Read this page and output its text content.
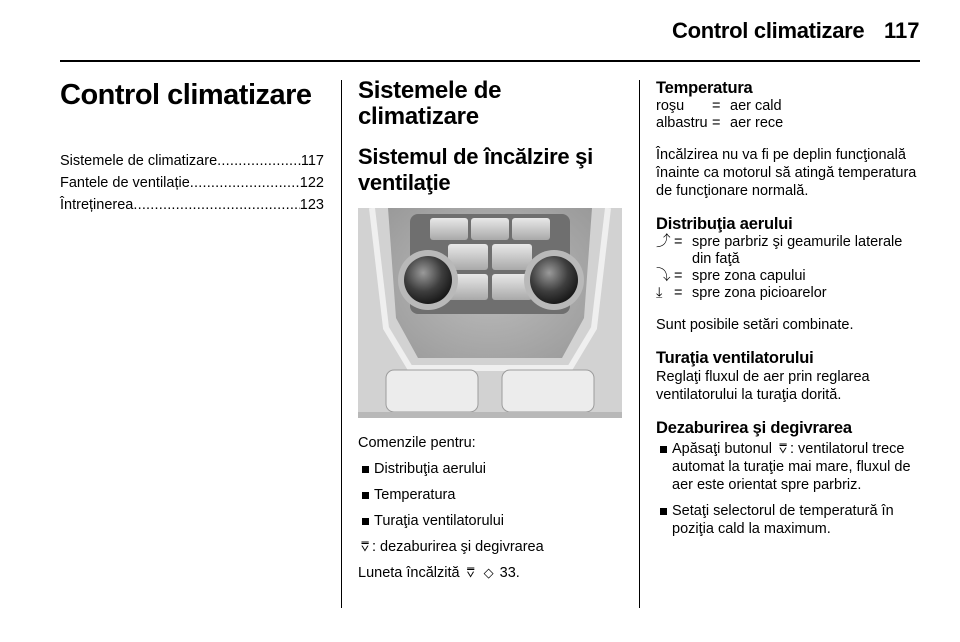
Control climatizare 117
Control climatizare
Sistemele de climatizare .....	117
Fantele de ventilație .....	122
Întreținerea .....	123
Sistemele de
climatizare
Sistemul de încălzire şi
ventilaţie

Comenzile pentru:

Distribuţia aerului
Temperatura
Turaţia ventilatorului

⩢ : dezaburirea şi degivrarea

Luneta încălzită ⩢ ◇ 33.

Temperatura
roşu	= aer cald
albastru = aer rece

Încălzirea nu va fi pe deplin funcţională înainte ca motorul să atingă temperatura de funcţionare normală.

Distribuţia aerului
⤴ = spre parbriz şi geamurile laterale din faţă
⤵ = spre zona capului
⤓ = spre zona picioarelor

Sunt posibile setări combinate.

Turaţia ventilatorului

Reglaţi fluxul de aer prin reglarea ventilatorului la turaţia dorită.

Dezaburirea şi degivrarea
Apăsaţi butonul ⩢ : ventilatorul trece automat la turaţie mai mare, fluxul de aer este orientat spre parbriz.
Setaţi selectorul de temperatură în poziţia cald la maximum.
